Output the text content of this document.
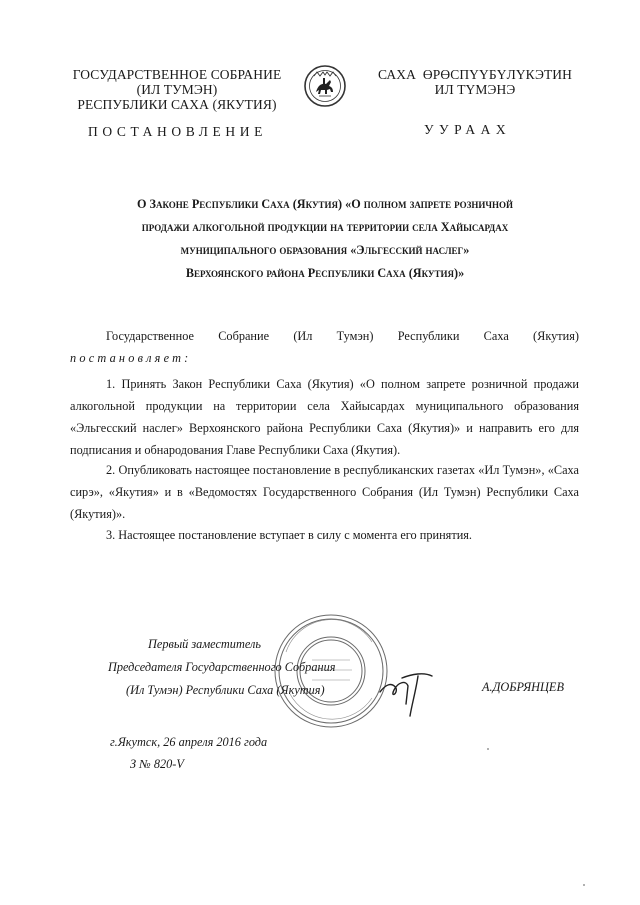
ГОСУДАРСТВЕННОЕ СОБРАНИЕ
(ИЛ ТУМЭН)
РЕСПУБЛИКИ САХА (ЯКУТИЯ)
САХА  ӨРӨСПҮҮБҮЛҮКЭТИН
ИЛ ТҮМЭНЭ
ПОСТАНОВЛЕНИЕ	УУРААХ
О Законе Республики Саха (Якутия) «О полном запрете розничной
продажи алкогольной продукции на территории села Хайысардах
муниципального образования «Эльгесский наслег»
Верхоянского района Республики Саха (Якутия)»
Государственное Собрание (Ил Тумэн) Республики Саха (Якутия)
постановляет:
1. Принять Закон Республики Саха (Якутия) «О полном запрете розничной продажи алкогольной продукции на территории села Хайысардах муниципального образования «Эльгесский наслег» Верхоянского района Республики Саха (Якутия)» и направить его для подписания и обнародования Главе Республики Саха (Якутия).
2. Опубликовать настоящее постановление в республиканских газетах «Ил Тумэн», «Саха сирэ», «Якутия» и в «Ведомостях Государственного Собрания (Ил Тумэн) Республики Саха (Якутия)».
3. Настоящее постановление вступает в силу с момента его принятия.
Первый заместитель
Председателя Государственного Собрания
(Ил Тумэн) Республики Саха (Якутия)	А.ДОБРЯНЦЕВ
г.Якутск, 26 апреля 2016 года
З № 820-V
